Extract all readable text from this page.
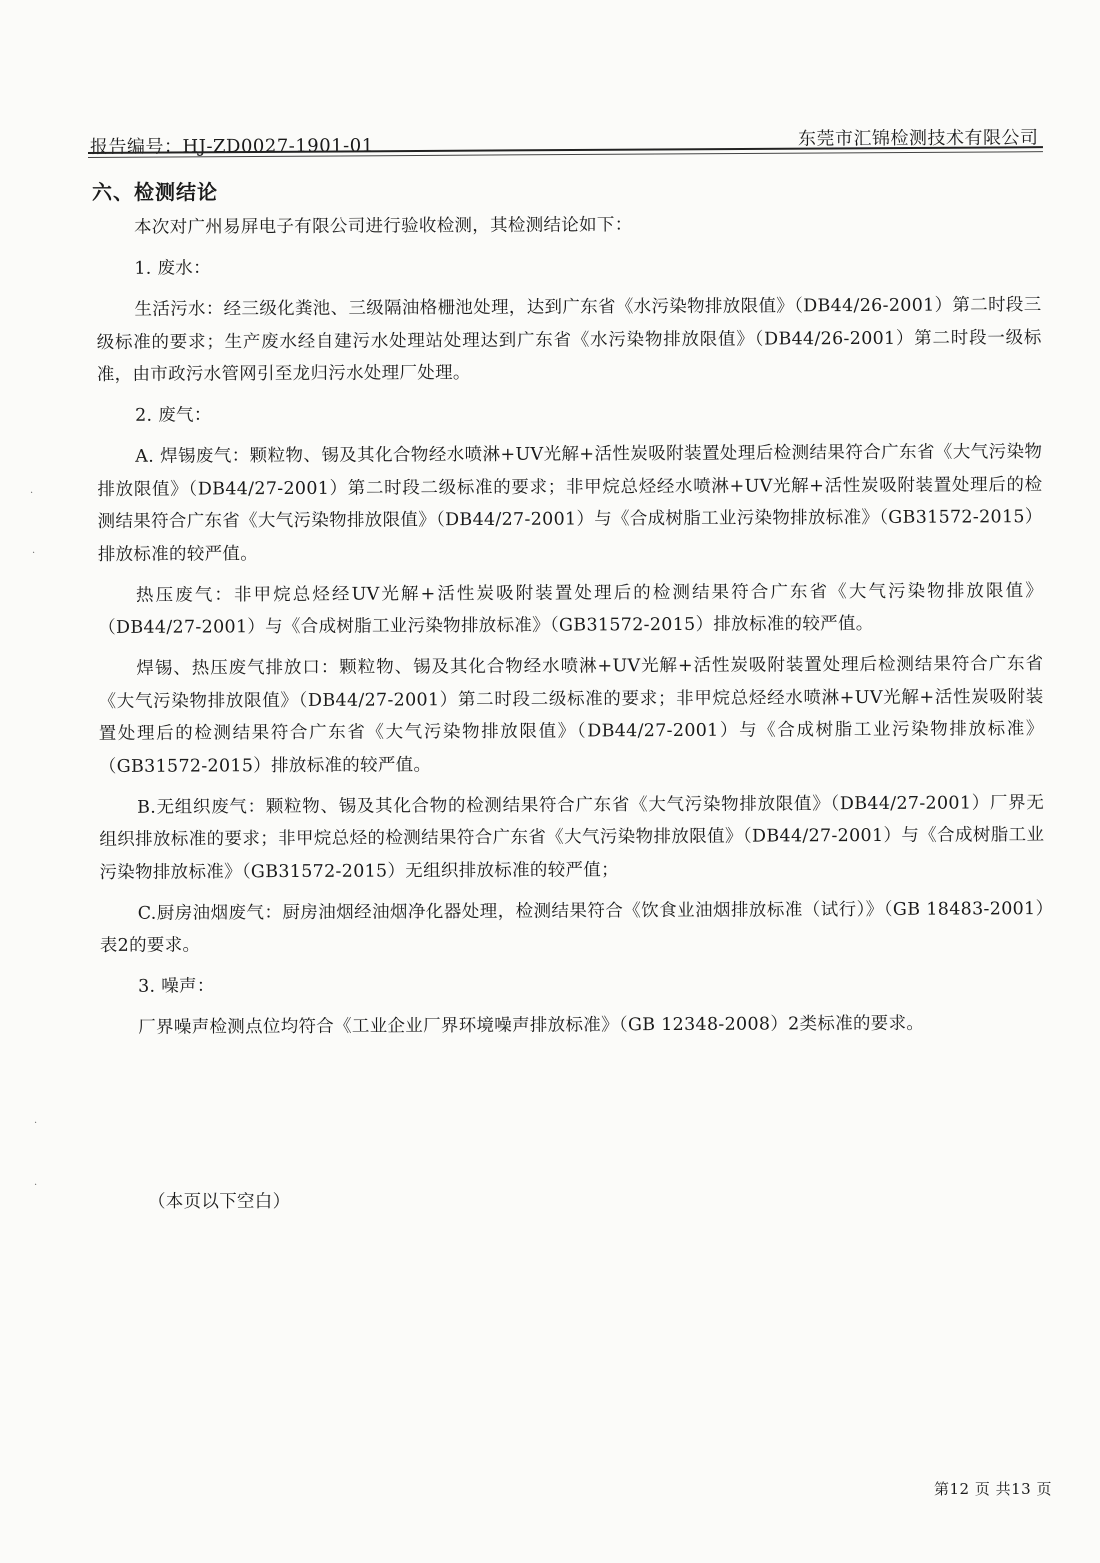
报告编号：HJ-ZD0027-1901-01	东莞市汇锦检测技术有限公司
六、检测结论

本次对广州易屏电子有限公司进行验收检测，其检测结论如下：

1. 废水：

生活污水：经三级化粪池、三级隔油格栅池处理，达到广东省《水污染物排放限值》（DB44/26-2001）第二时段三级标准的要求；生产废水经自建污水处理站处理达到广东省《水污染物排放限值》（DB44/26-2001）第二时段一级标准，由市政污水管网引至龙归污水处理厂处理。

2. 废气：

A. 焊锡废气：颗粒物、锡及其化合物经水喷淋+UV光解+活性炭吸附装置处理后检测结果符合广东省《大气污染物排放限值》（DB44/27-2001）第二时段二级标准的要求；非甲烷总烃经水喷淋+UV光解+活性炭吸附装置处理后的检测结果符合广东省《大气污染物排放限值》（DB44/27-2001）与《合成树脂工业污染物排放标准》（GB31572-2015）排放标准的较严值。

热压废气：非甲烷总烃经UV光解+活性炭吸附装置处理后的检测结果符合广东省《大气污染物排放限值》（DB44/27-2001）与《合成树脂工业污染物排放标准》（GB31572-2015）排放标准的较严值。

焊锡、热压废气排放口：颗粒物、锡及其化合物经水喷淋+UV光解+活性炭吸附装置处理后检测结果符合广东省《大气污染物排放限值》（DB44/27-2001）第二时段二级标准的要求；非甲烷总烃经水喷淋+UV光解+活性炭吸附装置处理后的检测结果符合广东省《大气污染物排放限值》（DB44/27-2001）与《合成树脂工业污染物排放标准》（GB31572-2015）排放标准的较严值。

B.无组织废气：颗粒物、锡及其化合物的检测结果符合广东省《大气污染物排放限值》（DB44/27-2001）厂界无组织排放标准的要求；非甲烷总烃的检测结果符合广东省《大气污染物排放限值》（DB44/27-2001）与《合成树脂工业污染物排放标准》（GB31572-2015）无组织排放标准的较严值；

C.厨房油烟废气：厨房油烟经油烟净化器处理，检测结果符合《饮食业油烟排放标准（试行）》（GB 18483-2001）表2的要求。

3. 噪声：

厂界噪声检测点位均符合《工业企业厂界环境噪声排放标准》（GB 12348-2008）2类标准的要求。

（本页以下空白）
第12 页 共13 页
·
·
·
·
